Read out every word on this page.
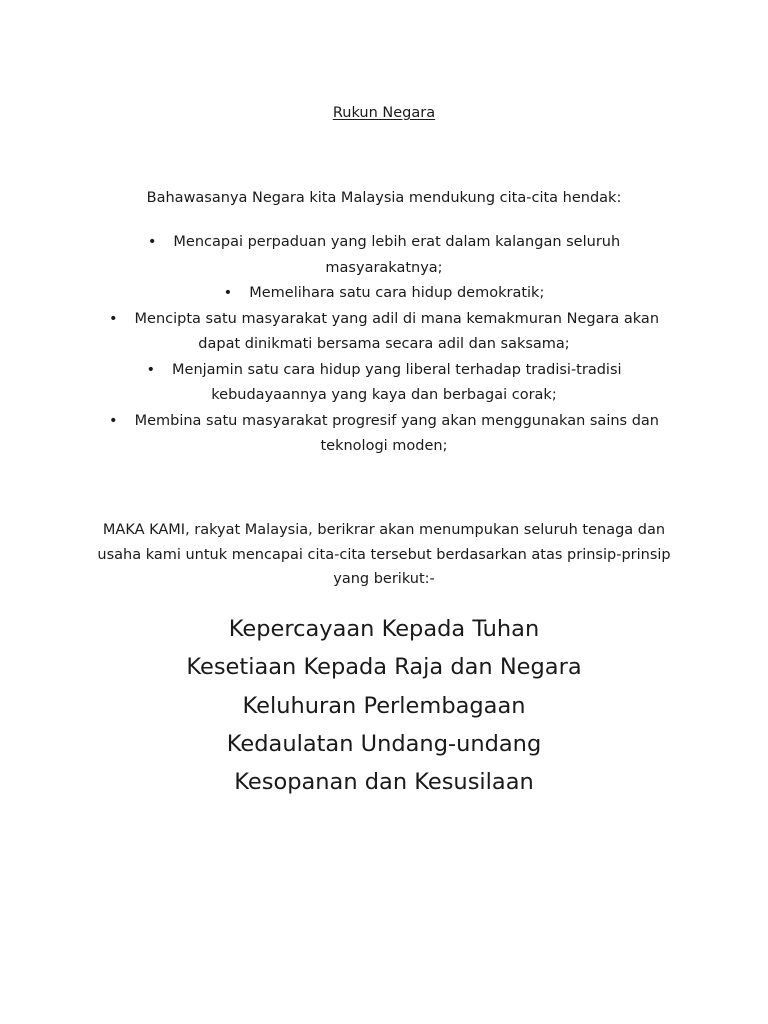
Rukun Negara
Bahawasanya Negara kita Malaysia mendukung cita-cita hendak:
• Mencapai perpaduan yang lebih erat dalam kalangan seluruh masyarakatnya;
• Memelihara satu cara hidup demokratik;
• Mencipta satu masyarakat yang adil di mana kemakmuran Negara akan dapat dinikmati bersama secara adil dan saksama;
• Menjamin satu cara hidup yang liberal terhadap tradisi-tradisi kebudayaannya yang kaya dan berbagai corak;
• Membina satu masyarakat progresif yang akan menggunakan sains dan teknologi moden;

MAKA KAMI, rakyat Malaysia, berikrar akan menumpukan seluruh tenaga dan usaha kami untuk mencapai cita-cita tersebut berdasarkan atas prinsip-prinsip yang berikut:-

Kepercayaan Kepada Tuhan
Kesetiaan Kepada Raja dan Negara
Keluhuran Perlembagaan
Kedaulatan Undang-undang
Kesopanan dan Kesusilaan
